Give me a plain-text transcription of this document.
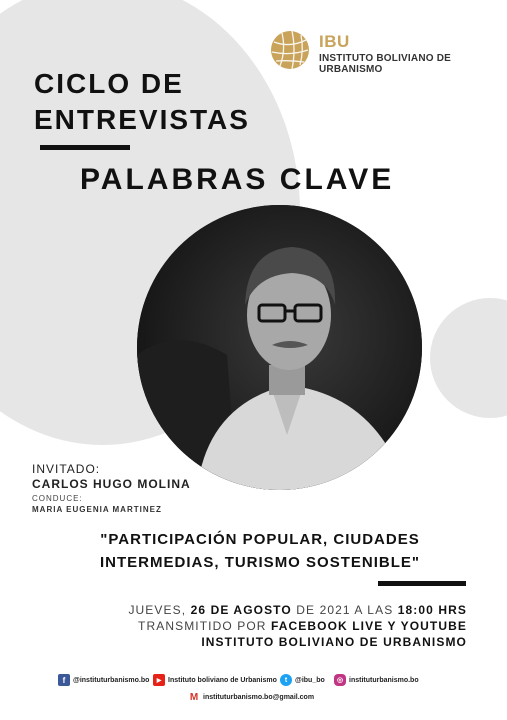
IBU
INSTITUTO BOLIVIANO DE URBANISMO
CICLO DE
ENTREVISTAS
PALABRAS CLAVE
INVITADO:
CARLOS HUGO MOLINA
CONDUCE:
MARIA EUGENIA MARTINEZ
"PARTICIPACIÓN POPULAR, CIUDADES
INTERMEDIAS, TURISMO SOSTENIBLE"
JUEVES, 26 DE AGOSTO DE 2021 A LAS 18:00 HRS
TRANSMITIDO POR FACEBOOK LIVE Y YOUTUBE
INSTITUTO BOLIVIANO DE URBANISMO
f	@instituturbanismo.bo	▶ Instituto boliviano de Urbanismo	t	@ibu_bo	◎ instituturbanismo.bo
M instituturbanismo.bo@gmail.com
